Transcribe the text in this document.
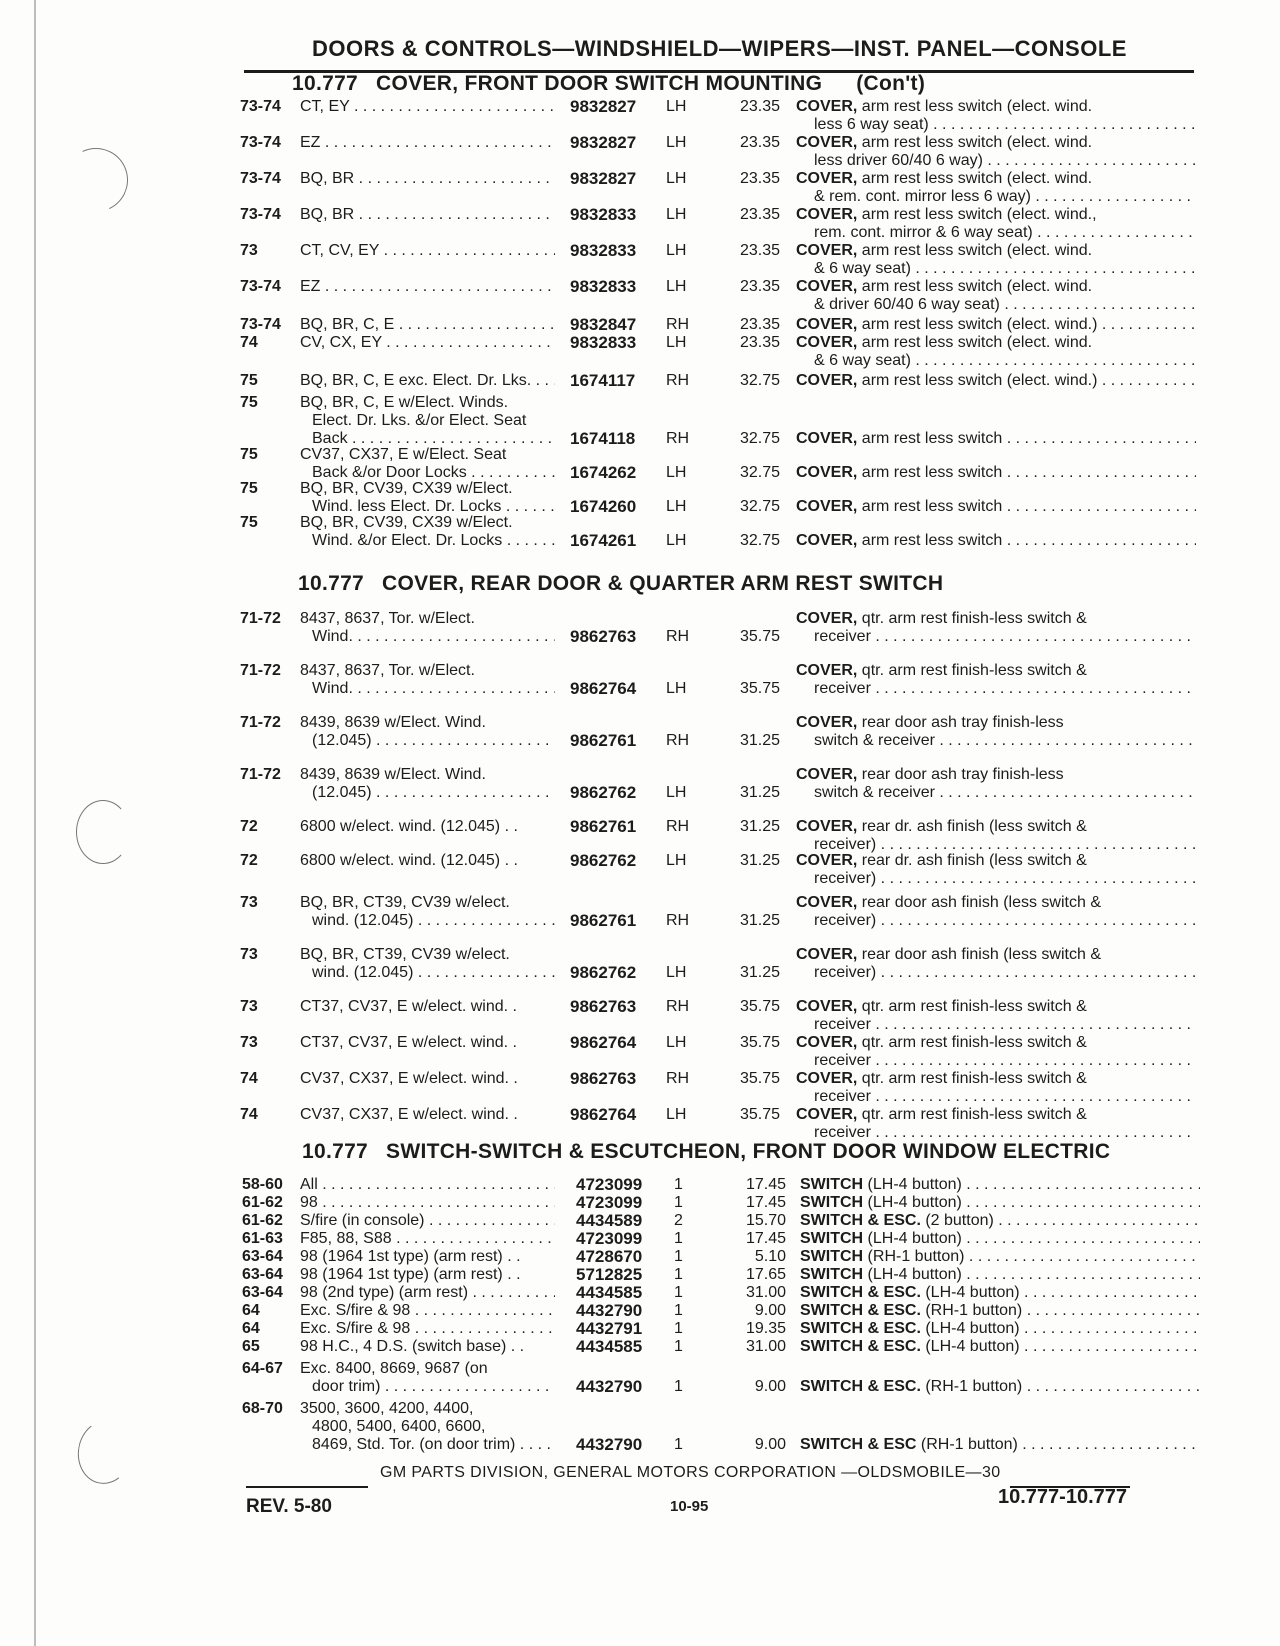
DOORS & CONTROLS—WINDSHIELD—WIPERS—INST. PANEL—CONSOLE
10.777 COVER, FRONT DOOR SWITCH MOUNTING (Con't)
73-74 CT, EY . . .	9832827 LH	23.35 COVER, arm rest less switch (elect. wind.
less 6 way seat) . . .
73-74 EZ . . .	9832827 LH	23.35 COVER, arm rest less switch (elect. wind.
less driver 60/40 6 way) . . .
73-74 BQ, BR . . .	9832827 LH	23.35 COVER, arm rest less switch (elect. wind.
& rem. cont. mirror less 6 way) . . .
73-74 BQ, BR . . .	9832833 LH	23.35 COVER, arm rest less switch (elect. wind.,
rem. cont. mirror & 6 way seat) . . .
73	CT, CV, EY . . .	9832833 LH	23.35 COVER, arm rest less switch (elect. wind.
& 6 way seat) . . .
73-74 EZ . . .	9832833 LH	23.35 COVER, arm rest less switch (elect. wind.
& driver 60/40 6 way seat) . . .
73-74 BQ, BR, C, E . . .	9832847 RH	23.35 COVER, arm rest less switch (elect. wind.) . . . .
74	CV, CX, EY . . .	9832833 LH	23.35 COVER, arm rest less switch (elect. wind.
& 6 way seat) . . .
75	BQ, BR, C, E exc. Elect. Dr. Lks. . . .	1674117 RH	32.75 COVER, arm rest less switch (elect. wind.) . . . .
75	BQ, BR, C, E w/Elect. Winds.
Elect. Dr. Lks. &/or Elect. Seat
Back . . .	1674118 RH	32.75 COVER, arm rest less switch . . .
75	CV37, CX37, E w/Elect. Seat
Back &/or Door Locks . . .	1674262 LH	32.75 COVER, arm rest less switch . . .
75	BQ, BR, CV39, CX39 w/Elect.
Wind. less Elect. Dr. Locks . . .	1674260 LH	32.75 COVER, arm rest less switch . . .
75	BQ, BR, CV39, CX39 w/Elect.
Wind. &/or Elect. Dr. Locks . . .	1674261 LH	32.75 COVER, arm rest less switch . . .
10.777 COVER, REAR DOOR & QUARTER ARM REST SWITCH
71-72 8437, 8637, Tor. w/Elect.
Wind. . . .	9862763 RH	35.75
COVER, qtr. arm rest finish-less switch &
receiver . . .
71-72 8437, 8637, Tor. w/Elect.
Wind. . . .	9862764 LH	35.75
COVER, qtr. arm rest finish-less switch &
receiver . . .
71-72 8439, 8639 w/Elect. Wind.
(12.045) . . .	9862761 RH	31.25
COVER, rear door ash tray finish-less
switch & receiver . . .
71-72 8439, 8639 w/Elect. Wind.
(12.045) . . .	9862762 LH	31.25
COVER, rear door ash tray finish-less
switch & receiver . . .
72	6800 w/elect. wind. (12.045) . .	9862761 RH	31.25 COVER, rear dr. ash finish (less switch &
receiver) . . .
72	6800 w/elect. wind. (12.045) . .	9862762 LH	31.25 COVER, rear dr. ash finish (less switch &
receiver) . . .
73	BQ, BR, CT39, CV39 w/elect.
wind. (12.045) . . .	9862761 RH	31.25
COVER, rear door ash finish (less switch &
receiver) . . .
73	BQ, BR, CT39, CV39 w/elect.
wind. (12.045) . . .	9862762 LH	31.25
COVER, rear door ash finish (less switch &
receiver) . . .
73	CT37, CV37, E w/elect. wind. .	9862763 RH	35.75 COVER, qtr. arm rest finish-less switch &
receiver . . .
73	CT37, CV37, E w/elect. wind. .	9862764 LH	35.75 COVER, qtr. arm rest finish-less switch &
receiver . . .
74	CV37, CX37, E w/elect. wind. .	9862763 RH	35.75 COVER, qtr. arm rest finish-less switch &
receiver . . .
74	CV37, CX37, E w/elect. wind. .	9862764 LH	35.75 COVER, qtr. arm rest finish-less switch &
receiver . . .
10.777 SWITCH-SWITCH & ESCUTCHEON, FRONT DOOR WINDOW ELECTRIC
58-60 All . . .	4723099 1	17.45 SWITCH (LH-4 button) . . .
61-62 98 . . .	4723099 1	17.45 SWITCH (LH-4 button) . . .
61-62 S/fire (in console) . . .	4434589 2	15.70 SWITCH & ESC. (2 button) . . .
61-63 F85, 88, S88 . . .	4723099 1	17.45 SWITCH (LH-4 button) . . .
63-64 98 (1964 1st type) (arm rest) . .	4728670 1	5.10 SWITCH (RH-1 button) . . .
63-64 98 (1964 1st type) (arm rest) . .	5712825 1	17.65 SWITCH (LH-4 button) . . .
63-64 98 (2nd type) (arm rest) . . .	4434585 1	31.00 SWITCH & ESC. (LH-4 button) . . .
64	Exc. S/fire & 98 . . .	4432790 1	9.00 SWITCH & ESC. (RH-1 button) . . .
64	Exc. S/fire & 98 . . .	4432791 1	19.35 SWITCH & ESC. (LH-4 button) . . .
65	98 H.C., 4 D.S. (switch base) . .	4434585 1	31.00 SWITCH & ESC. (LH-4 button) . . .
64-67 Exc. 8400, 8669, 9687 (on
door trim) . . .	4432790 1	9.00 SWITCH & ESC. (RH-1 button) . . .
68-70 3500, 3600, 4200, 4400,
4800, 5400, 6400, 6600,
8469, Std. Tor. (on door trim) . . .	4432790 1	9.00 SWITCH & ESC (RH-1 button) . . .
GM PARTS DIVISION, GENERAL MOTORS CORPORATION —OLDSMOBILE—30
REV. 5-80	10-95	10.777-10.777
